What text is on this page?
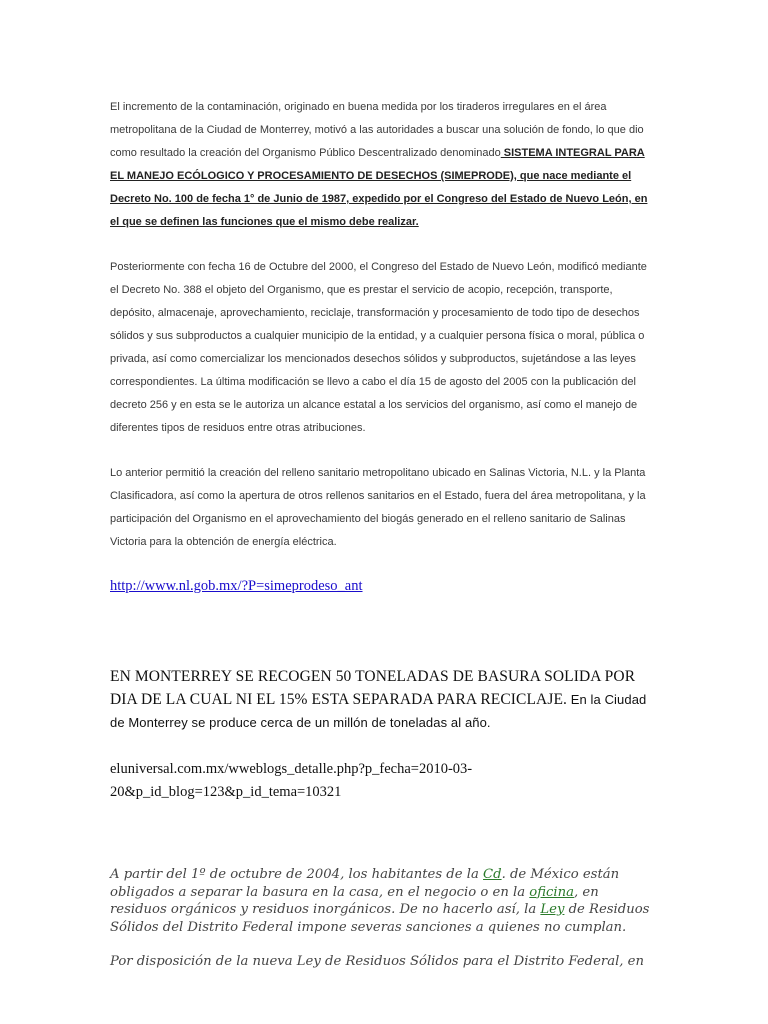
El incremento de la contaminación, originado en buena medida por los tiraderos irregulares en el área metropolitana de la Ciudad de Monterrey, motivó a las autoridades a buscar una solución de fondo, lo que dio como resultado la creación del Organismo Público Descentralizado denominado SISTEMA INTEGRAL PARA EL MANEJO ECÓLOGICO Y PROCESAMIENTO DE DESECHOS (SIMEPRODE), que nace mediante el Decreto No. 100 de fecha 1° de Junio de 1987, expedido por el Congreso del Estado de Nuevo León, en el que se definen las funciones que el mismo debe realizar.

Posteriormente con fecha 16 de Octubre del 2000, el Congreso del Estado de Nuevo León, modificó mediante el Decreto No. 388 el objeto del Organismo, que es prestar el servicio de acopio, recepción, transporte, depósito, almacenaje, aprovechamiento, reciclaje, transformación y procesamiento de todo tipo de desechos sólidos y sus subproductos a cualquier municipio de la entidad, y a cualquier persona física o moral, pública o privada, así como comercializar los mencionados desechos sólidos y subproductos, sujetándose a las leyes correspondientes. La última modificación se llevo a cabo el día 15 de agosto del 2005 con la publicación del decreto 256 y en esta se le autoriza un alcance estatal a los servicios del organismo, así como el manejo de diferentes tipos de residuos entre otras atribuciones.

Lo anterior permitió la creación del relleno sanitario metropolitano ubicado en Salinas Victoria, N.L. y la Planta Clasificadora, así como la apertura de otros rellenos sanitarios en el Estado, fuera del área metropolitana, y la participación del Organismo en el aprovechamiento del biogás generado en el relleno sanitario de Salinas Victoria para la obtención de energía eléctrica.

http://www.nl.gob.mx/?P=simeprodeso_ant
EN MONTERREY SE RECOGEN 50 TONELADAS DE BASURA SOLIDA POR DIA DE LA CUAL NI EL 15% ESTA SEPARADA PARA RECICLAJE. En la Ciudad de Monterrey se produce cerca de un millón de toneladas al año.
eluniversal.com.mx/wweblogs_detalle.php?p_fecha=2010-03-20&p_id_blog=123&p_id_tema=10321
A partir del 1º de octubre de 2004, los habitantes de la Cd. de México están obligados a separar la basura en la casa, en el negocio o en la oficina, en residuos orgánicos y residuos inorgánicos. De no hacerlo así, la Ley de Residuos Sólidos del Distrito Federal impone severas sanciones a quienes no cumplan.
Por disposición de la nueva Ley de Residuos Sólidos para el Distrito Federal, en
